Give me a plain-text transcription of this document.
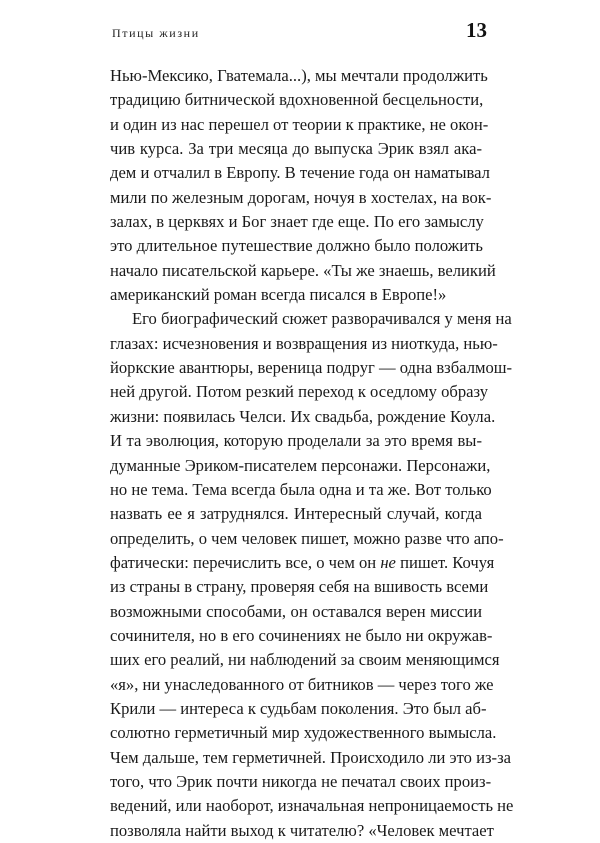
Птицы жизни	13
Нью-Мексико, Гватемала...), мы мечтали продолжить
традицию битнической вдохновенной бесцельности,
и один из нас перешел от теории к практике, не окон-
чив курса. За три месяца до выпуска Эрик взял ака-
дем и отчалил в Европу. В течение года он наматывал
мили по железным дорогам, ночуя в хостелах, на вок-
залах, в церквях и Бог знает где еще. По его замыслу
это длительное путешествие должно было положить
начало писательской карьере. «Ты же знаешь, великий
американский роман всегда писался в Европе!»
Его биографический сюжет разворачивался у меня на
глазах: исчезновения и возвращения из ниоткуда, нью-
йоркские авантюры, вереница подруг — одна взбалмош-
ней другой. Потом резкий переход к оседлому образу
жизни: появилась Челси. Их свадьба, рождение Коула.
И та эволюция, которую проделали за это время вы-
думанные Эриком-писателем персонажи. Персонажи,
но не тема. Тема всегда была одна и та же. Вот только
назвать ее я затруднялся. Интересный случай, когда
определить, о чем человек пишет, можно разве что апо-
фатически: перечислить все, о чем он не пишет. Кочуя
из страны в страну, проверяя себя на вшивость всеми
возможными способами, он оставался верен миссии
сочинителя, но в его сочинениях не было ни окружав-
ших его реалий, ни наблюдений за своим меняющимся
«я», ни унаследованного от битников — через того же
Крили — интереса к судьбам поколения. Это был аб-
солютно герметичный мир художественного вымысла.
Чем дальше, тем герметичней. Происходило ли это из-за
того, что Эрик почти никогда не печатал своих произ-
ведений, или наоборот, изначальная непроницаемость не
позволяла найти выход к читателю? «Человек мечтает
